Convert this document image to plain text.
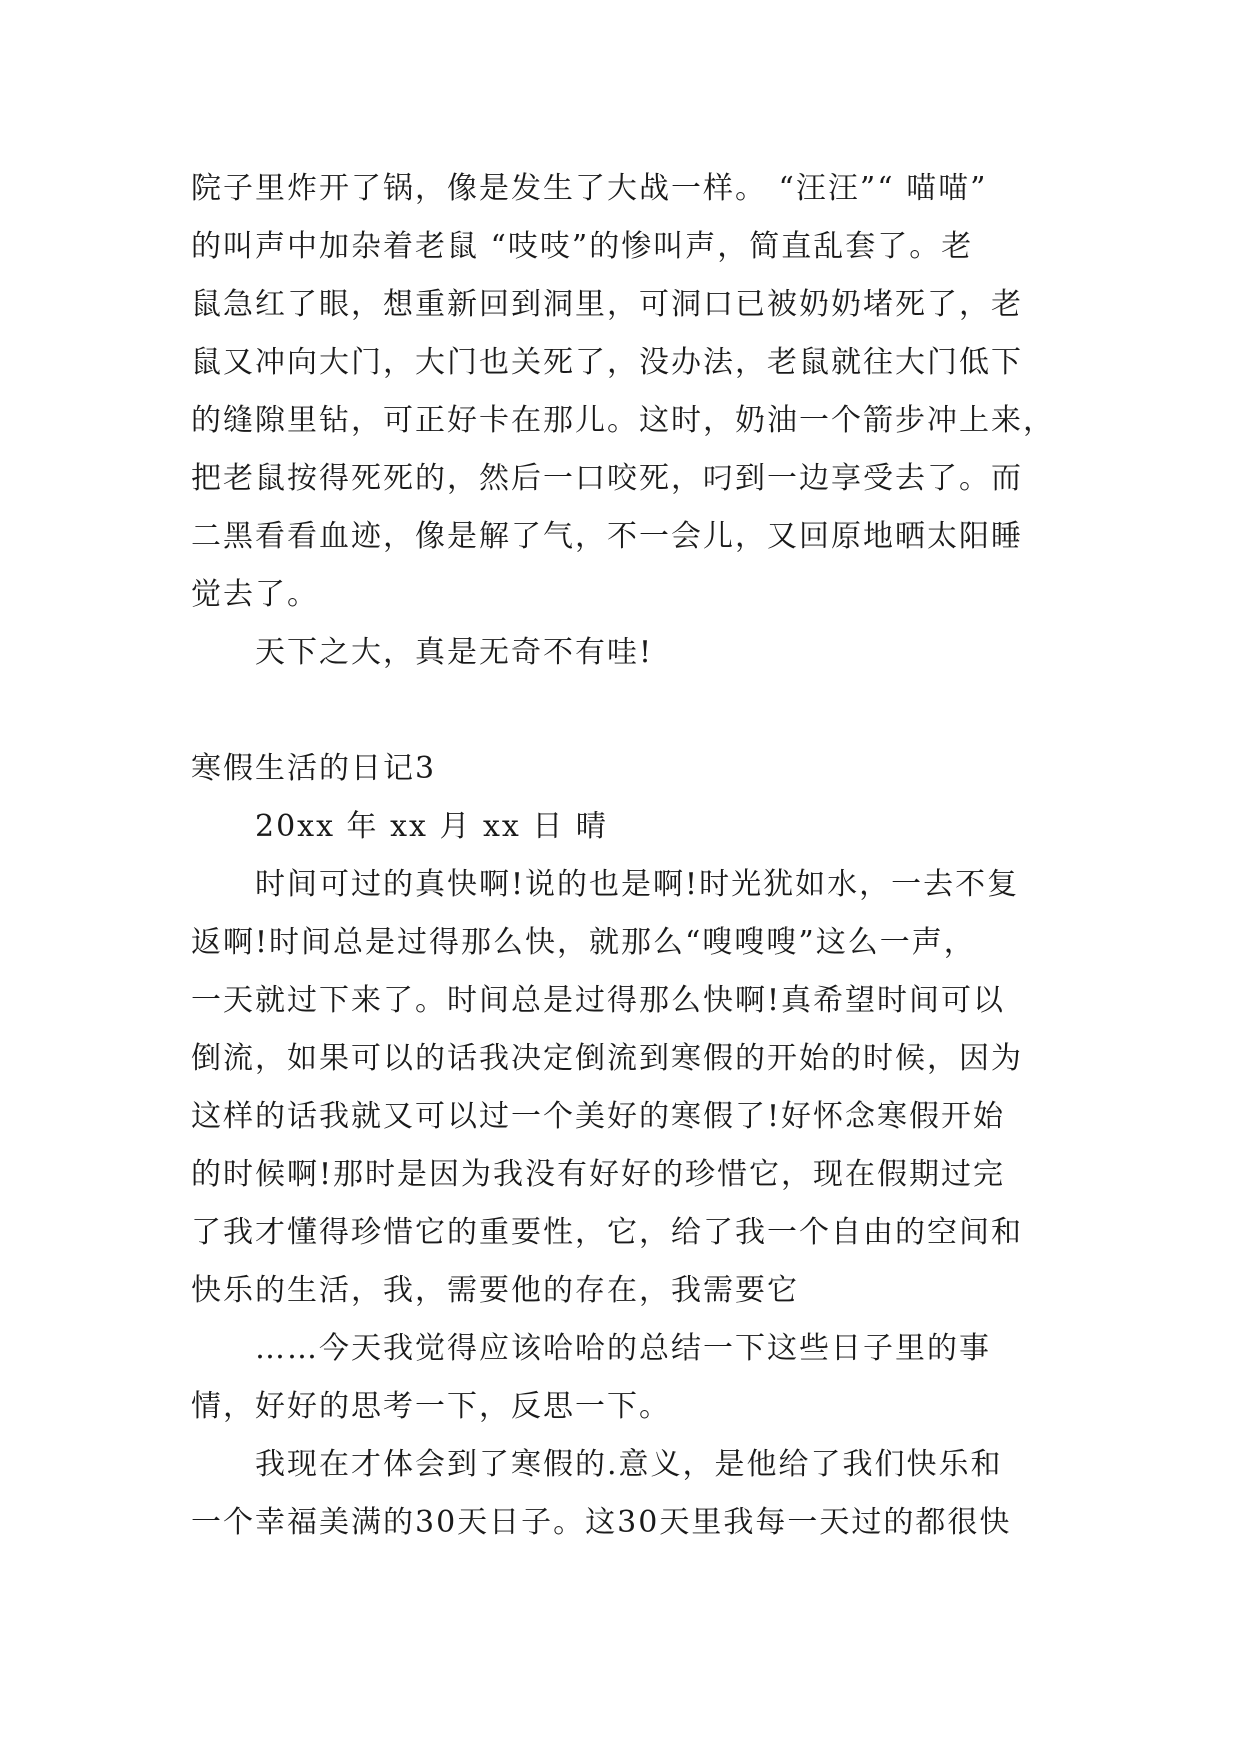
院子里炸开了锅，像是发生了大战一样。 “汪汪”“ 喵喵”
的叫声中加杂着老鼠 “吱吱”的惨叫声，简直乱套了。老
鼠急红了眼，想重新回到洞里，可洞口已被奶奶堵死了，老
鼠又冲向大门，大门也关死了，没办法，老鼠就往大门低下
的缝隙里钻，可正好卡在那儿。这时，奶油一个箭步冲上来，
把老鼠按得死死的，然后一口咬死，叼到一边享受去了。而
二黑看看血迹，像是解了气，不一会儿，又回原地晒太阳睡
觉去了。
天下之大，真是无奇不有哇!
寒假生活的日记3
20xx 年 xx 月 xx 日 晴
时间可过的真快啊!说的也是啊!时光犹如水，一去不复
返啊!时间总是过得那么快，就那么“嗖嗖嗖”这么一声，
一天就过下来了。时间总是过得那么快啊!真希望时间可以
倒流，如果可以的话我决定倒流到寒假的开始的时候，因为
这样的话我就又可以过一个美好的寒假了!好怀念寒假开始
的时候啊!那时是因为我没有好好的珍惜它，现在假期过完
了我才懂得珍惜它的重要性，它，给了我一个自由的空间和
快乐的生活，我，需要他的存在，我需要它
……今天我觉得应该哈哈的总结一下这些日子里的事
情，好好的思考一下，反思一下。
我现在才体会到了寒假的.意义，是他给了我们快乐和
一个幸福美满的30天日子。这30天里我每一天过的都很快
